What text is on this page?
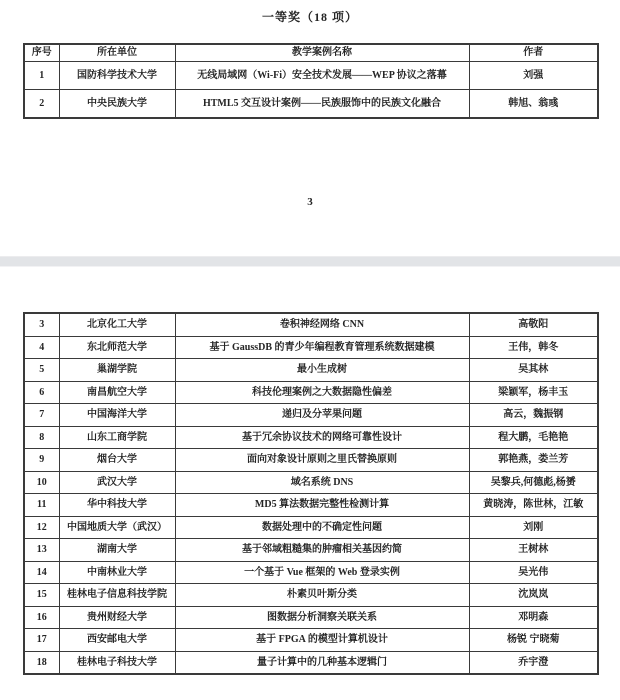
一等奖（18 项）
序号	所在单位	教学案例名称	作者
1	国防科学技术大学	无线局域网（Wi-Fi）安全技术发展——WEP 协议之落幕	刘强
2	中央民族大学	HTML5 交互设计案例——民族服饰中的民族文化融合	韩旭、翁彧
3
3	北京化工大学	卷积神经网络 CNN	高敬阳
4	东北师范大学	基于 GaussDB 的青少年编程教育管理系统数据建模	王伟，韩冬
5	巢湖学院	最小生成树	吴其林
6	南昌航空大学	科技伦理案例之大数据隐性偏差	梁颖军，杨丰玉
7	中国海洋大学	递归及分苹果问题	高云，魏振钢
8	山东工商学院	基于冗余协议技术的网络可靠性设计	程大鹏，毛艳艳
9	烟台大学	面向对象设计原则之里氏替换原则	郭艳燕，娄兰芳
10	武汉大学	域名系统 DNS	吴黎兵,何德彪,杨赟
11	华中科技大学	MD5 算法数据完整性检测计算	黄晓涛，陈世林，江敏
12	中国地质大学（武汉）	数据处理中的不确定性问题	刘刚
13	湖南大学	基于邻域粗糙集的肿瘤相关基因约简	王树林
14	中南林业大学	一个基于 Vue 框架的 Web 登录实例	吴光伟
15	桂林电子信息科技学院	朴素贝叶斯分类	沈岚岚
16	贵州财经大学	图数据分析洞察关联关系	邓明森
17	西安邮电大学	基于 FPGA 的模型计算机设计	杨锐 宁晓菊
18	桂林电子科技大学	量子计算中的几种基本逻辑门	乔宇澄
